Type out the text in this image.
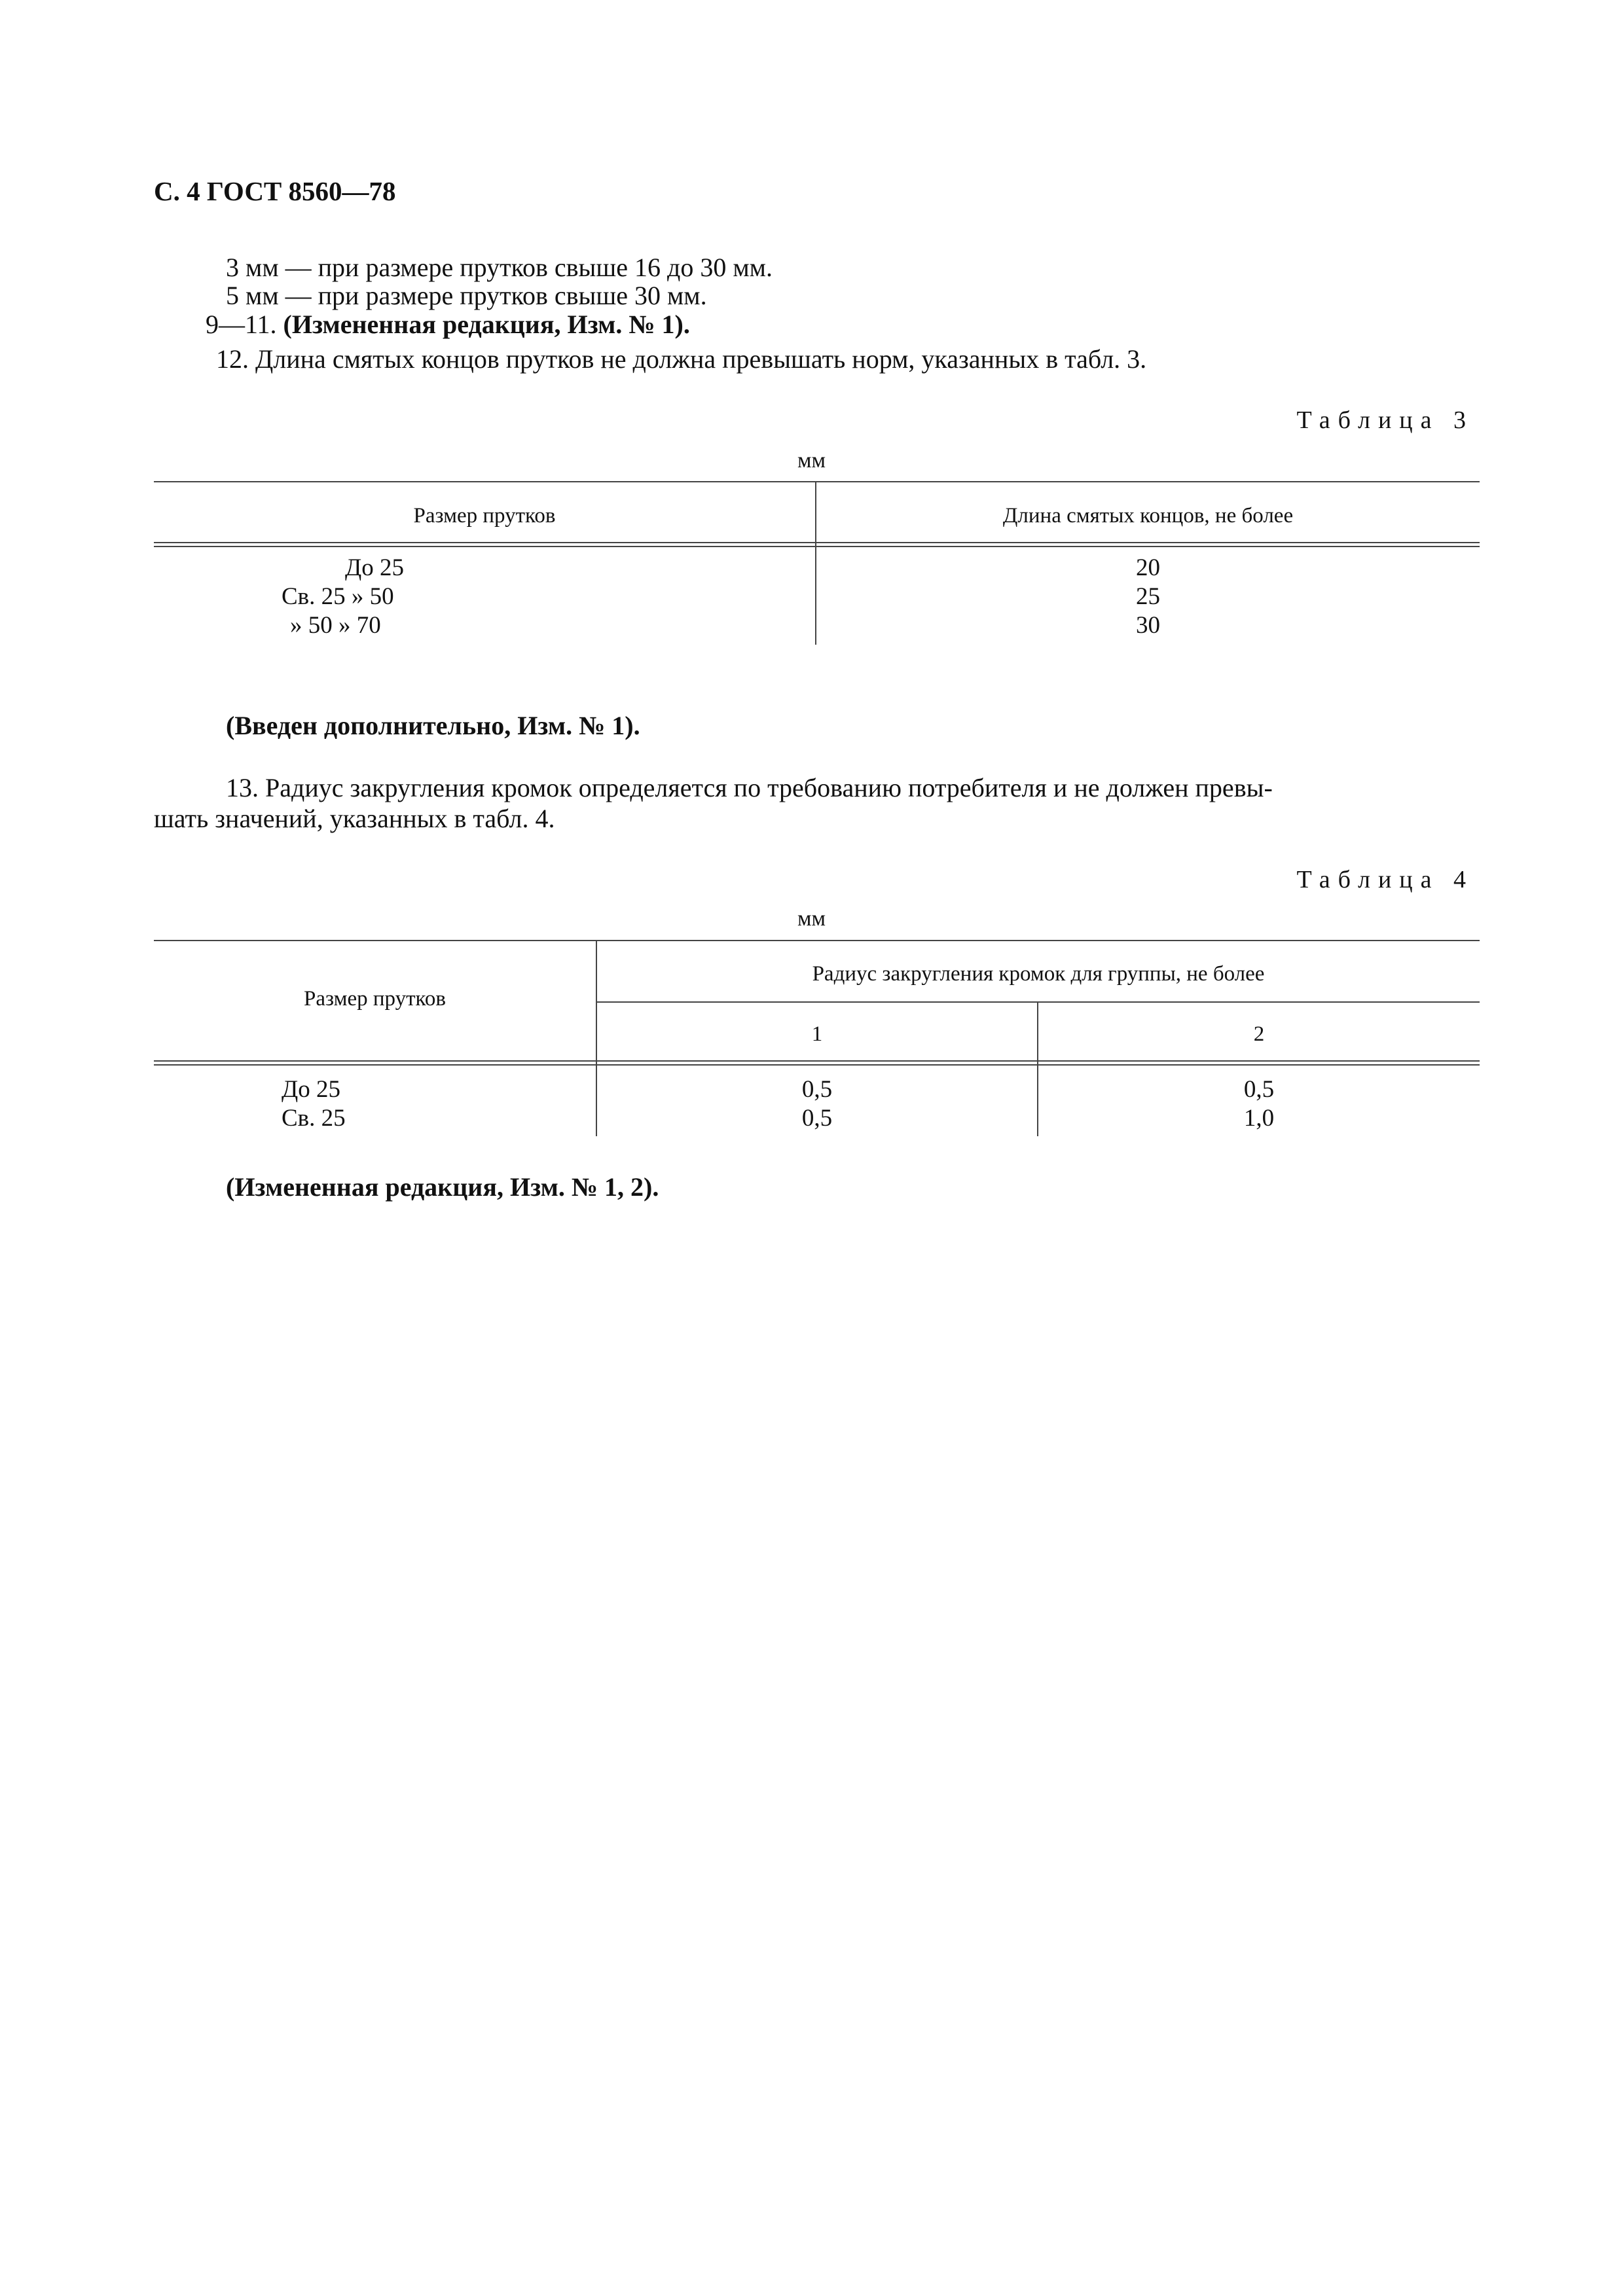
С. 4 ГОСТ 8560—78
3 мм — при размере прутков свыше 16 до 30 мм.
5 мм — при размере прутков свыше 30 мм.
9—11. (Измененная редакция, Изм. № 1).
12. Длина смятых концов прутков не должна превышать норм, указанных в табл. 3.
Таблица 3
мм
Размер прутков	Длина смятых концов, не более
До 25	20
Св. 25 » 50	25
» 50 » 70	30
(Введен дополнительно, Изм. № 1).
13. Радиус закругления кромок определяется по требованию потребителя и не должен превы-
шать значений, указанных в табл. 4.
Таблица 4
мм
Размер прутков
Радиус закругления кромок для группы, не более
1	2
До 25	0,5	0,5
Св. 25	0,5	1,0
(Измененная редакция, Изм. № 1, 2).
